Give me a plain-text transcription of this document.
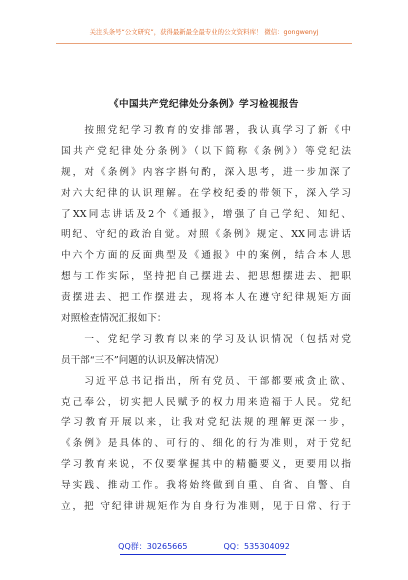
关注头条号“公文研究”，获得最新最全最专业的公文资料库！ 微信：gongwenyj
《中国共产党纪律处分条例》学习检视报告
　　按照党纪学习教育的安排部署，我认真学习了新《中
国共产党纪律处分条例》（以下简称《条例》）等党纪法
规，对《条例》内容字斟句酌，深入思考，进一步加深了
对六大纪律的认识理解。在学校纪委的带领下，深入学习
了XX同志讲话及2个《通报》，增强了自己学纪、知纪、
明纪、守纪的政治自觉。对照《条例》规定、XX同志讲话
中六个方面的反面典型及《通报》中的案例，结合本人思
想与工作实际，坚持把自己摆进去、把思想摆进去、把职
责摆进去、把工作摆进去，现将本人在遵守纪律规矩方面
对照检查情况汇报如下：
　　一、党纪学习教育以来的学习及认识情况（包括对党
员干部“三不”问题的认识及解决情况）
　　习近平总书记指出，所有党员、干部都要戒贪止欲、
克己奉公，切实把人民赋予的权力用来造福于人民。党纪
学习教育开展以来，让我对党纪法规的理解更深一步，
《条例》是具体的、可行的、细化的行为准则，对于党纪
学习教育来说，不仅要掌握其中的精髓要义，更要用以指
导实践、推动工作。我将始终做到自重、自省、自警、自
立，把 守纪律讲规矩作为自身行为准则，见于日常、行于
QQ群：30265665	QQ：535304092
